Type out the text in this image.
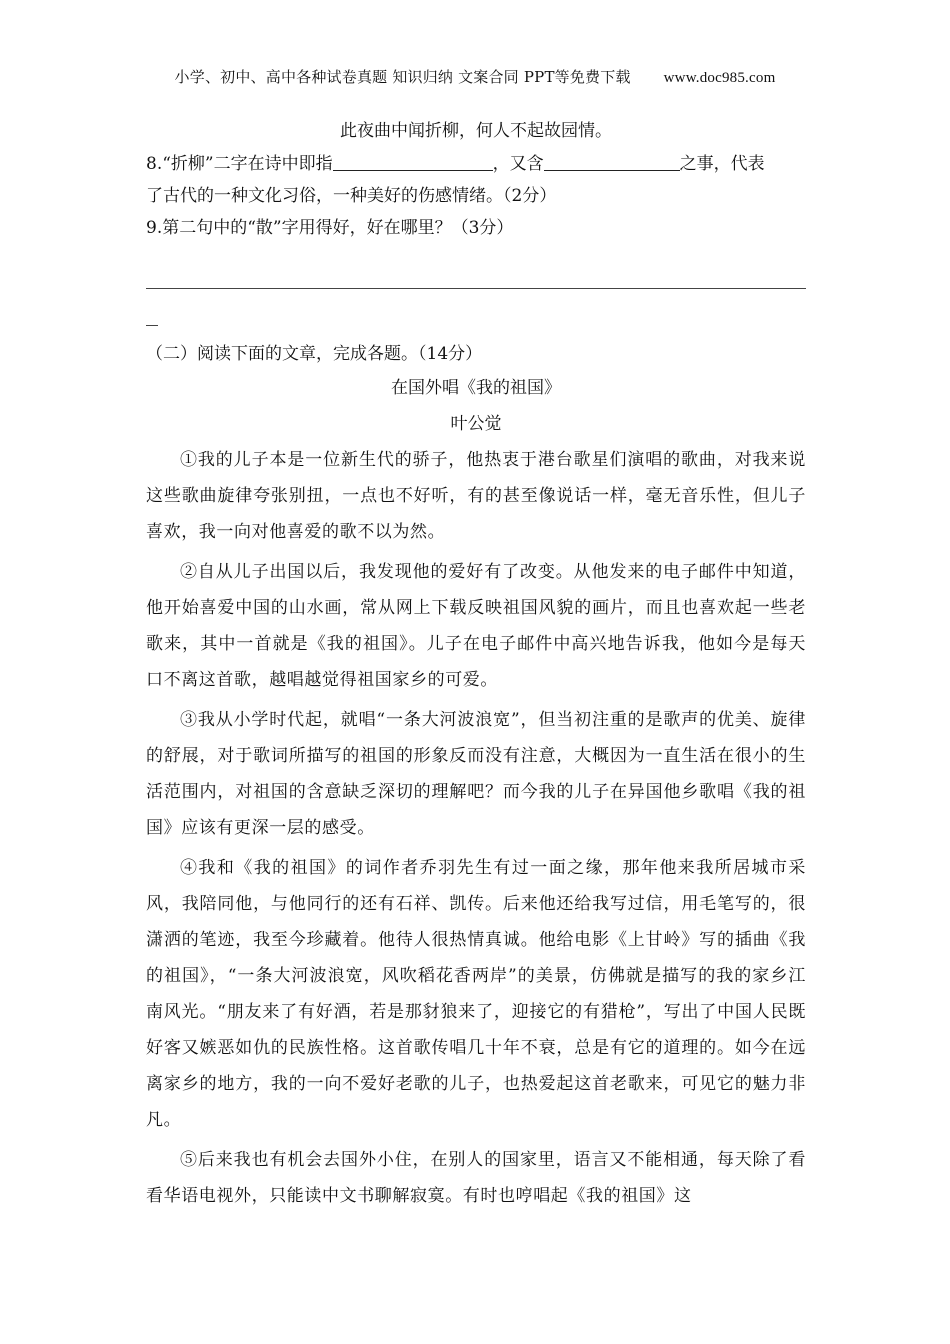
小学、初中、高中各种试卷真题 知识归纳 文案合同 PPT等免费下载 www.doc985.com
此夜曲中闻折柳，何人不起故园情。
8.“折柳”二字在诗中即指	，又含	之事，代表
了古代的一种文化习俗，一种美好的伤感情绪。（2分）
9.第二句中的“散”字用得好，好在哪里？（3分）
（二）阅读下面的文章，完成各题。（14分）
在国外唱《我的祖国》
叶公觉

①我的儿子本是一位新生代的骄子，他热衷于港台歌星们演唱的歌曲，对我来说这些歌曲旋律夸张别扭，一点也不好听，有的甚至像说话一样，毫无音乐性，但儿子喜欢，我一向对他喜爱的歌不以为然。

②自从儿子出国以后，我发现他的爱好有了改变。从他发来的电子邮件中知道，他开始喜爱中国的山水画，常从网上下载反映祖国风貌的画片，而且也喜欢起一些老歌来，其中一首就是《我的祖国》。儿子在电子邮件中高兴地告诉我，他如今是每天口不离这首歌，越唱越觉得祖国家乡的可爱。

③我从小学时代起，就唱“一条大河波浪宽”，但当初注重的是歌声的优美、旋律的舒展，对于歌词所描写的祖国的形象反而没有注意，大概因为一直生活在很小的生活范围内，对祖国的含意缺乏深切的理解吧？而今我的儿子在异国他乡歌唱《我的祖国》应该有更深一层的感受。

④我和《我的祖国》的词作者乔羽先生有过一面之缘，那年他来我所居城市采风，我陪同他，与他同行的还有石祥、凯传。后来他还给我写过信，用毛笔写的，很潇洒的笔迹，我至今珍藏着。他待人很热情真诚。他给电影《上甘岭》写的插曲《我的祖国》，“一条大河波浪宽，风吹稻花香两岸”的美景，仿佛就是描写的我的家乡江南风光。“朋友来了有好酒，若是那豺狼来了，迎接它的有猎枪”，写出了中国人民既好客又嫉恶如仇的民族性格。这首歌传唱几十年不衰，总是有它的道理的。如今在远离家乡的地方，我的一向不爱好老歌的儿子，也热爱起这首老歌来，可见它的魅力非凡。

⑤后来我也有机会去国外小住，在别人的国家里，语言又不能相通，每天除了看看华语电视外，只能读中文书聊解寂寞。有时也哼唱起《我的祖国》这
